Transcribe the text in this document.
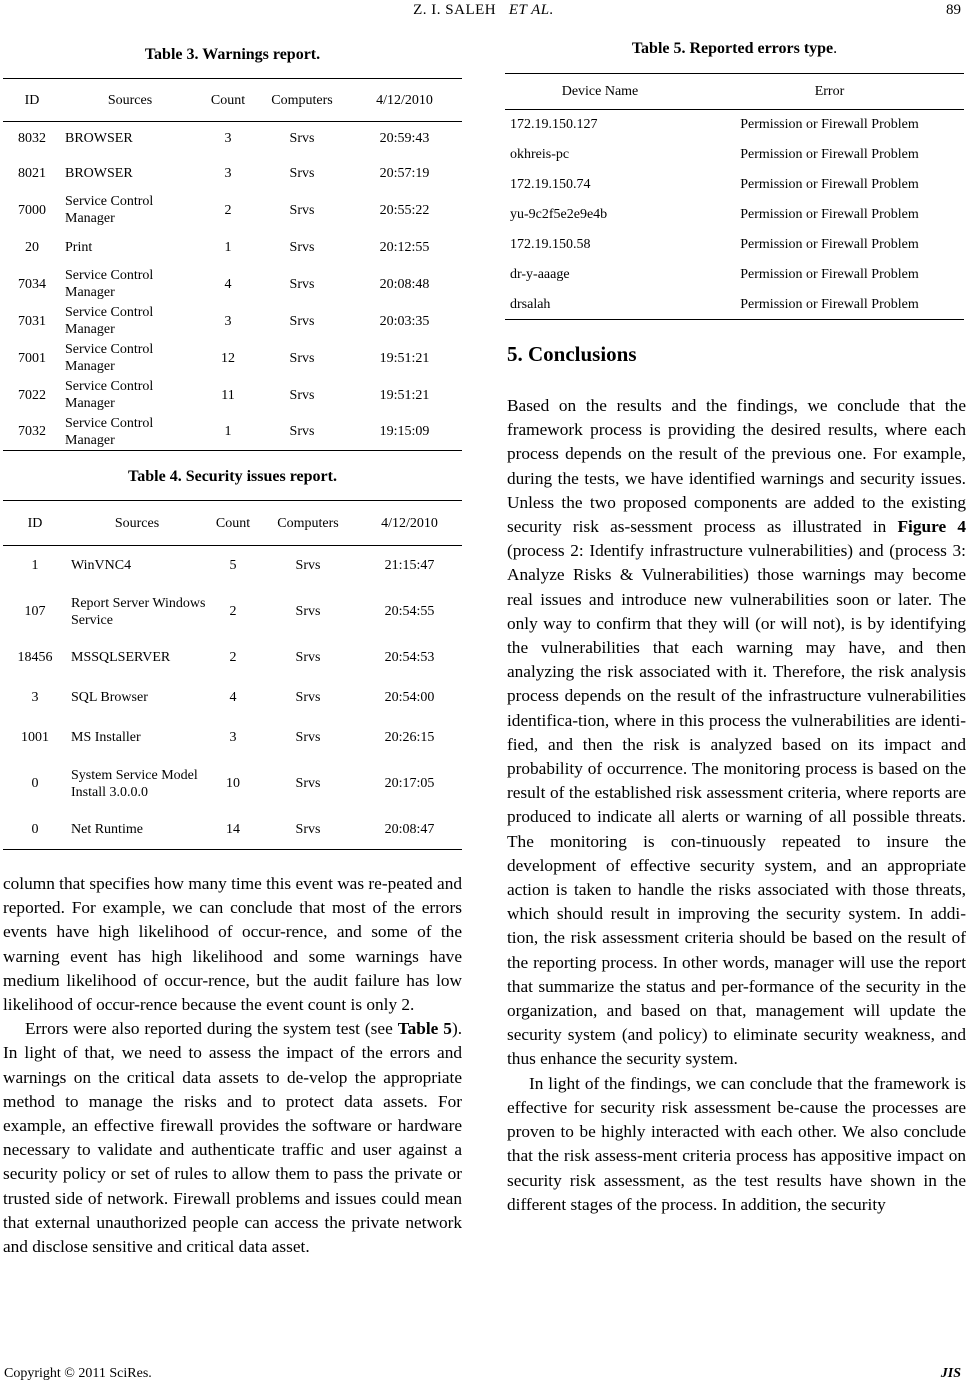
Z. I. SALEH ET AL.	89
Table 3. Warnings report.
ID	Sources	Count	Computers	4/12/2010
8032	BROWSER	3	Srvs	20:59:43
8021	BROWSER	3	Srvs	20:57:19
7000	Service Control Manager	2	Srvs	20:55:22
20	Print	1	Srvs	20:12:55
7034	Service Control Manager	4	Srvs	20:08:48
7031	Service Control Manager	3	Srvs	20:03:35
7001	Service Control Manager	12	Srvs	19:51:21
7022	Service Control Manager	11	Srvs	19:51:21
7032	Service Control Manager	1	Srvs	19:15:09
Table 4. Security issues report.
ID	Sources	Count	Computers	4/12/2010
1	WinVNC4	5	Srvs	21:15:47
107	Report Server Windows Service	2	Srvs	20:54:55
18456	MSSQLSERVER	2	Srvs	20:54:53
3	SQL Browser	4	Srvs	20:54:00
1001	MS Installer	3	Srvs	20:26:15
0	System Service Model Install 3.0.0.0	10	Srvs	20:17:05
0	Net Runtime	14	Srvs	20:08:47
Table 5. Reported errors type.
Device Name	Error
172.19.150.127	Permission or Firewall Problem
okhreis-pc	Permission or Firewall Problem
172.19.150.74	Permission or Firewall Problem
yu-9c2f5e2e9e4b	Permission or Firewall Problem
172.19.150.58	Permission or Firewall Problem
dr-y-aaage	Permission or Firewall Problem
drsalah	Permission or Firewall Problem

column that specifies how many time this event was re-peated and reported. For example, we can conclude that most of the errors events have high likelihood of occur-rence, and some of the warning event has high likelihood and some warnings have medium likelihood of occur-rence, but the audit failure has low likelihood of occur-rence because the event count is only 2.

Errors were also reported during the system test (see Table 5). In light of that, we need to assess the impact of the errors and warnings on the critical data assets to de-velop the appropriate method to manage the risks and to protect data assets. For example, an effective firewall provides the software or hardware necessary to validate and authenticate traffic and user against a security policy or set of rules to allow them to pass the private or trusted side of network. Firewall problems and issues could mean that external unauthorized people can access the private network and disclose sensitive and critical data asset.

5. Conclusions

Based on the results and the findings, we conclude that the framework process is providing the desired results, where each process depends on the result of the previous one. For example, during the tests, we have identified warnings and security issues. Unless the two proposed components are added to the existing security risk as-sessment process as illustrated in Figure 4 (process 2: Identify infrastructure vulnerabilities) and (process 3: Analyze Risks & Vulnerabilities) those warnings may become real issues and introduce new vulnerabilities soon or later. The only way to confirm that they will (or will not), is by identifying the vulnerabilities that each warning may have, and then analyzing the risk associated with it. Therefore, the risk analysis process depends on the result of the infrastructure vulnerabilities identifica-tion, where in this process the vulnerabilities are identi-fied, and then the risk is analyzed based on its impact and probability of occurrence. The monitoring process is based on the result of the established risk assessment criteria, where reports are produced to indicate all alerts or warning of all possible threats. The monitoring is con-tinuously repeated to insure the development of effective security system, and an appropriate action is taken to handle the risks associated with those threats, which should result in improving the security system. In addi-tion, the risk assessment criteria should be based on the result of the reporting process. In other words, manager will use the report that summarize the status and per-formance of the security in the organization, and based on that, management will update the security system (and policy) to eliminate security weakness, and thus enhance the security system.

In light of the findings, we can conclude that the framework is effective for security risk assessment be-cause the processes are proven to be highly interacted with each other. We also conclude that the risk assess-ment criteria process has appositive impact on security risk assessment, as the test results have shown in the different stages of the process. In addition, the security

Copyright © 2011 SciRes.	JIS
